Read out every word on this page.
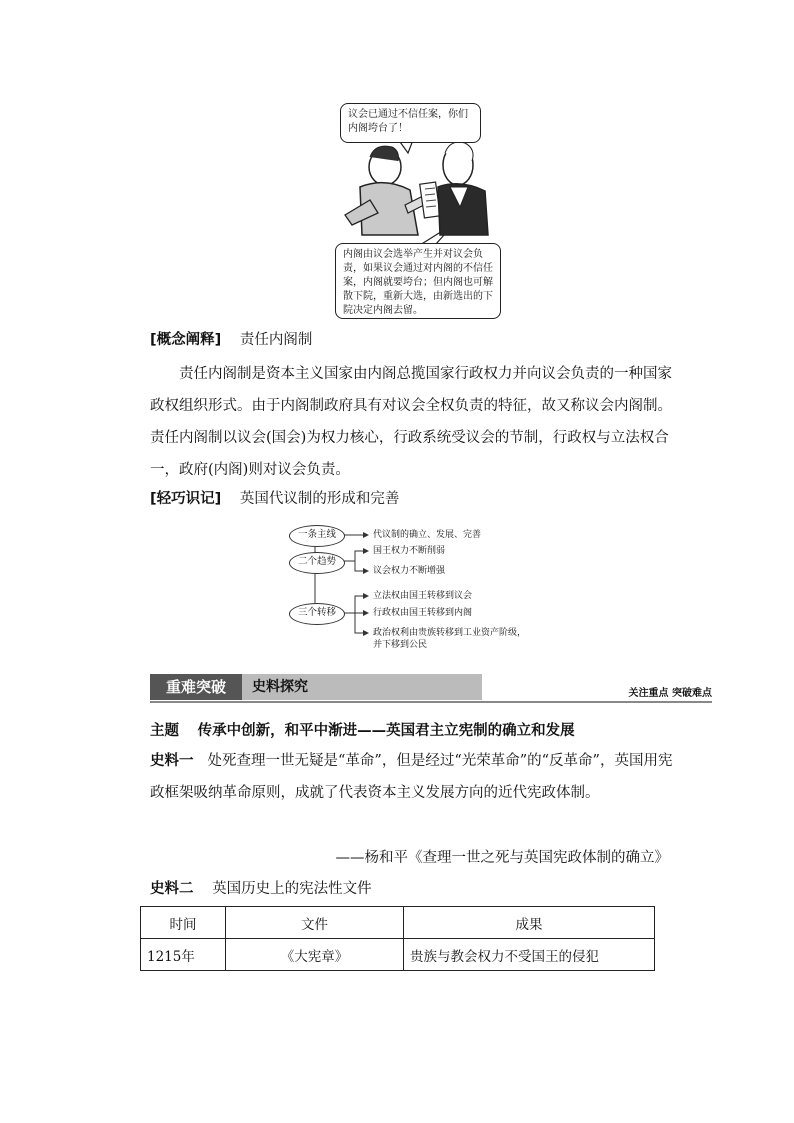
议会已通过不信任案，你们内阁垮台了！
内阁由议会选举产生并对议会负责，如果议会通过对内阁的不信任案，内阁就要垮台；但内阁也可解散下院，重新大选，由新选出的下院决定内阁去留。
[概念阐释] 责任内阁制
责任内阁制是资本主义国家由内阁总揽国家行政权力并向议会负责的一种国家政权组织形式。由于内阁制政府具有对议会全权负责的特征，故又称议会内阁制。责任内阁制以议会(国会)为权力核心，行政系统受议会的节制，行政权与立法权合一，政府(内阁)则对议会负责。
[轻巧识记] 英国代议制的形成和完善
一条主线
二个趋势
三个转移
代议制的确立、发展、完善
国王权力不断削弱
议会权力不断增强
立法权由国王转移到议会
行政权由国王转移到内阁
政治权利由贵族转移到工业资产阶级，
并下移到公民
重难突破	史料探究	关注重点 突破难点
主题 传承中创新，和平中渐进——英国君主立宪制的确立和发展
史料一 处死查理一世无疑是“革命”，但是经过“光荣革命”的“反革命”，英国用宪政框架吸纳革命原则，成就了代表资本主义发展方向的近代宪政体制。
——杨和平《查理一世之死与英国宪政体制的确立》
史料二 英国历史上的宪法性文件
时间	文件	成果
1215年	《大宪章》	贵族与教会权力不受国王的侵犯
